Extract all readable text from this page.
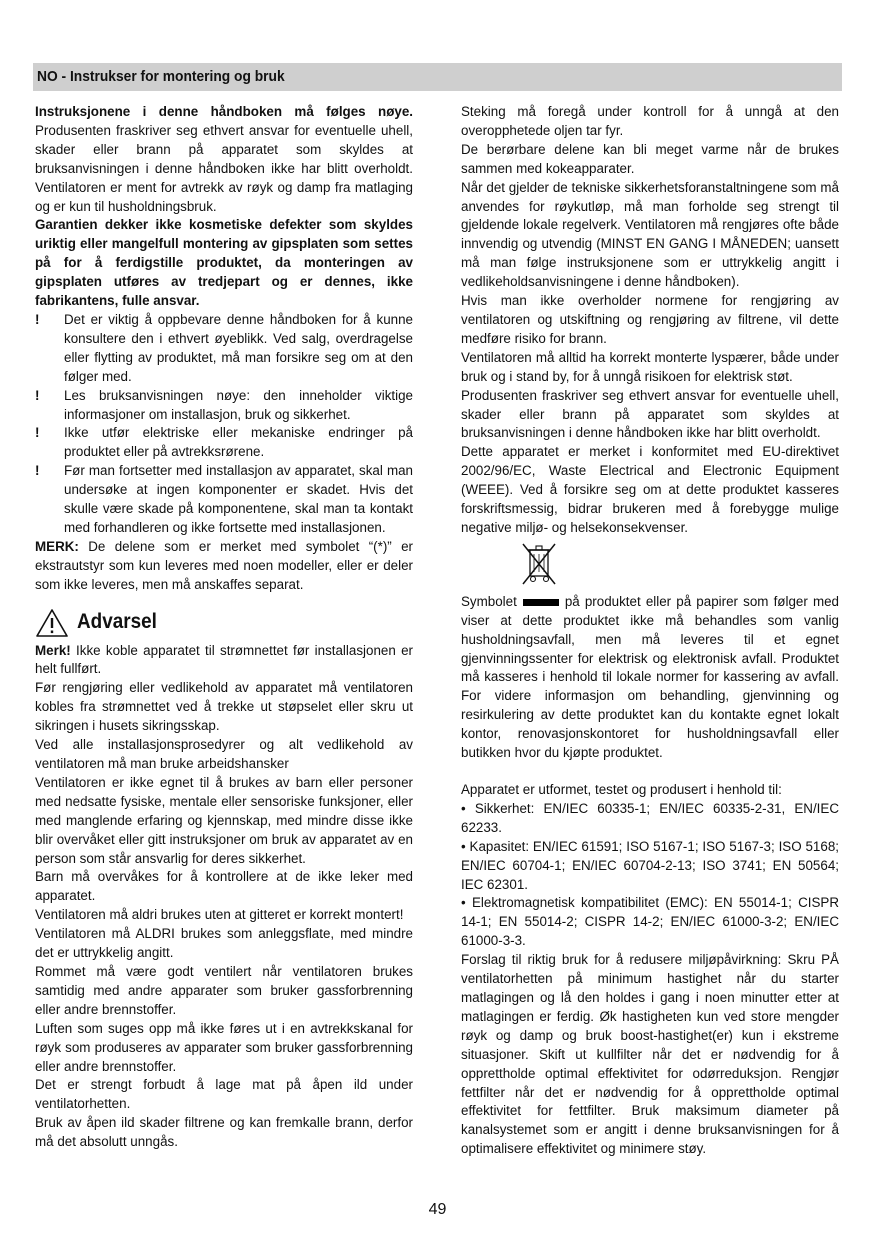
NO - Instrukser for montering og bruk

Instruksjonene i denne håndboken må følges nøye. Produsenten fraskriver seg ethvert ansvar for eventuelle uhell, skader eller brann på apparatet som skyldes at bruksanvisningen i denne håndboken ikke har blitt overholdt. Ventilatoren er ment for avtrekk av røyk og damp fra matlaging og er kun til husholdningsbruk.

Garantien dekker ikke kosmetiske defekter som skyldes uriktig eller mangelfull montering av gipsplaten som settes på for å ferdigstille produktet, da monteringen av gipsplaten utføres av tredjepart og er dennes, ikke fabrikantens, fulle ansvar.

!	Det er viktig å oppbevare denne håndboken for å kunne konsultere den i ethvert øyeblikk. Ved salg, overdragelse eller flytting av produktet, må man forsikre seg om at den følger med.
!	Les bruksanvisningen nøye: den inneholder viktige informasjoner om installasjon, bruk og sikkerhet.
!	Ikke utfør elektriske eller mekaniske endringer på produktet eller på avtrekksrørene.
!	Før man fortsetter med installasjon av apparatet, skal man undersøke at ingen komponenter er skadet. Hvis det skulle være skade på komponentene, skal man ta kontakt med forhandleren og ikke fortsette med installasjonen.

MERK: De delene som er merket med symbolet “(*)” er ekstrautstyr som kun leveres med noen modeller, eller er deler som ikke leveres, men må anskaffes separat.

Advarsel

Merk! Ikke koble apparatet til strømnettet før installasjonen er helt fullført.

Før rengjøring eller vedlikehold av apparatet må ventilatoren kobles fra strømnettet ved å trekke ut støpselet eller skru ut sikringen i husets sikringsskap.

Ved alle installasjonsprosedyrer og alt vedlikehold av ventilatoren må man bruke arbeidshansker

Ventilatoren er ikke egnet til å brukes av barn eller personer med nedsatte fysiske, mentale eller sensoriske funksjoner, eller med manglende erfaring og kjennskap, med mindre disse ikke blir overvåket eller gitt instruksjoner om bruk av apparatet av en person som står ansvarlig for deres sikkerhet.

Barn må overvåkes for å kontrollere at de ikke leker med apparatet.

Ventilatoren må aldri brukes uten at gitteret er korrekt montert!

Ventilatoren må ALDRI brukes som anleggsflate, med mindre det er uttrykkelig angitt.

Rommet må være godt ventilert når ventilatoren brukes samtidig med andre apparater som bruker gassforbrenning eller andre brennstoffer.

Luften som suges opp må ikke føres ut i en avtrekkskanal for røyk som produseres av apparater som bruker gassforbrenning eller andre brennstoffer.

Det er strengt forbudt å lage mat på åpen ild under ventilatorhetten.

Bruk av åpen ild skader filtrene og kan fremkalle brann, derfor må det absolutt unngås.

Steking må foregå under kontroll for å unngå at den overopphetede oljen tar fyr.

De berørbare delene kan bli meget varme når de brukes sammen med kokeapparater.

Når det gjelder de tekniske sikkerhetsforanstaltningene som må anvendes for røykutløp, må man forholde seg strengt til gjeldende lokale regelverk. Ventilatoren må rengjøres ofte både innvendig og utvendig (MINST EN GANG I MÅNEDEN; uansett må man følge instruksjonene som er uttrykkelig angitt i vedlikeholdsanvisningene i denne håndboken).

Hvis man ikke overholder normene for rengjøring av ventilatoren og utskiftning og rengjøring av filtrene, vil dette medføre risiko for brann.

Ventilatoren må alltid ha korrekt monterte lyspærer, både under bruk og i stand by, for å unngå risikoen for elektrisk støt.

Produsenten fraskriver seg ethvert ansvar for eventuelle uhell, skader eller brann på apparatet som skyldes at bruksanvisningen i denne håndboken ikke har blitt overholdt.

Dette apparatet er merket i konformitet med EU-direktivet 2002/96/EC, Waste Electrical and Electronic Equipment (WEEE). Ved å forsikre seg om at dette produktet kasseres forskriftsmessig, bidrar brukeren med å forebygge mulige negative miljø- og helsekonsekvenser.

Symbolet	på produktet eller på papirer som følger med viser at dette produktet ikke må behandles som vanlig husholdningsavfall, men må leveres til et egnet gjenvinningssenter for elektrisk og elektronisk avfall. Produktet må kasseres i henhold til lokale normer for kassering av avfall. For videre informasjon om behandling, gjenvinning og resirkulering av dette produktet kan du kontakte egnet lokalt kontor, renovasjonskontoret for husholdningsavfall eller butikken hvor du kjøpte produktet.

Apparatet er utformet, testet og produsert i henhold til:

• Sikkerhet: EN/IEC 60335-1; EN/IEC 60335-2-31, EN/IEC 62233.

• Kapasitet: EN/IEC 61591; ISO 5167-1; ISO 5167-3; ISO 5168; EN/IEC 60704-1; EN/IEC 60704-2-13; ISO 3741; EN 50564; IEC 62301.

• Elektromagnetisk kompatibilitet (EMC): EN 55014-1; CISPR 14-1; EN 55014-2; CISPR 14-2; EN/IEC 61000-3-2; EN/IEC 61000-3-3.

Forslag til riktig bruk for å redusere miljøpåvirkning: Skru PÅ ventilatorhetten på minimum hastighet når du starter matlagingen og lå den holdes i gang i noen minutter etter at matlagingen er ferdig. Øk hastigheten kun ved store mengder røyk og damp og bruk boost-hastighet(er) kun i ekstreme situasjoner. Skift ut kullfilter når det er nødvendig for å opprettholde optimal effektivitet for odørreduksjon. Rengjør fettfilter når det er nødvendig for å opprettholde optimal effektivitet for fettfilter. Bruk maksimum diameter på kanalsystemet som er angitt i denne bruksanvisningen for å optimalisere effektivitet og minimere støy.

49
